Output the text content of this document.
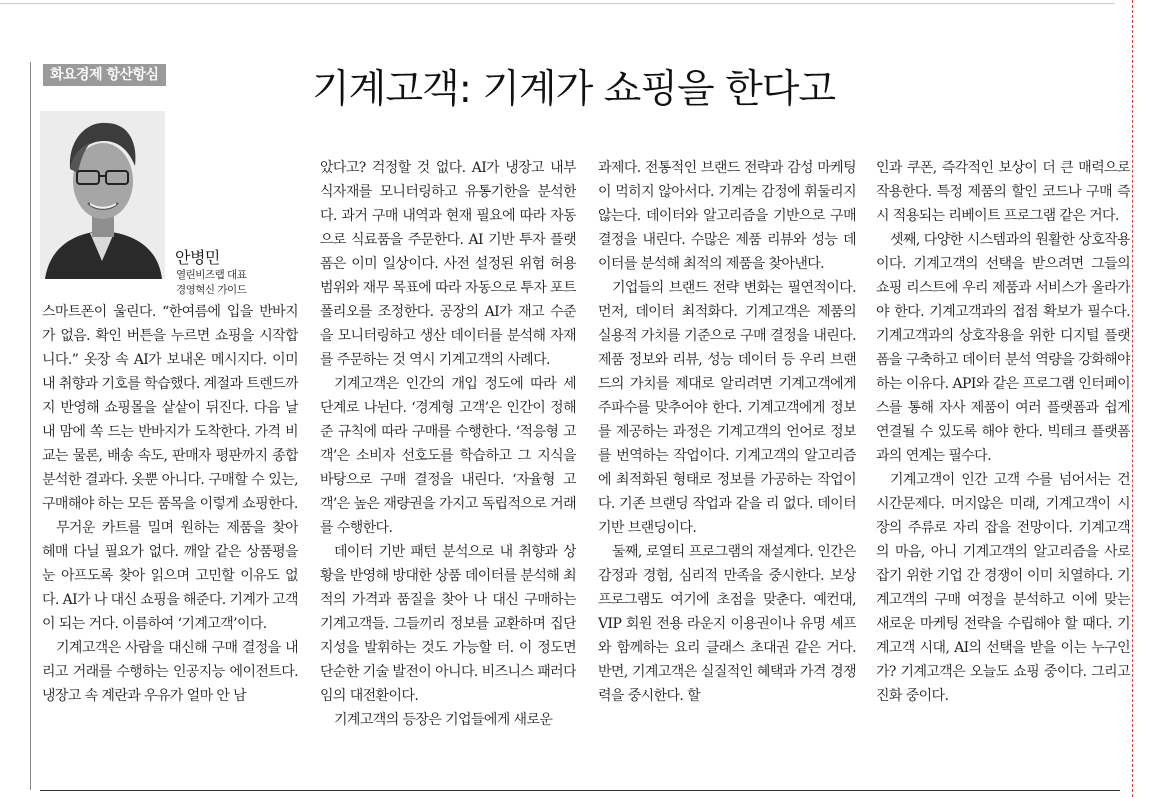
화요경제 항산항심	기계고객: 기계가 쇼핑을 한다고
안병민
열린비즈랩 대표
경영혁신 가이드

스마트폰이 울린다. “한여름에 입을 반바지가 없음. 확인 버튼을 누르면 쇼핑을 시작합니다.” 옷장 속 AI가 보내온 메시지다. 이미 내 취향과 기호를 학습했다. 계절과 트렌드까지 반영해 쇼핑몰을 샅샅이 뒤진다. 다음 날 내 맘에 쏙 드는 반바지가 도착한다. 가격 비교는 물론, 배송 속도, 판매자 평판까지 종합 분석한 결과다. 옷뿐 아니다. 구매할 수 있는, 구매해야 하는 모든 품목을 이렇게 쇼핑한다.

무거운 카트를 밀며 원하는 제품을 찾아 헤매 다닐 필요가 없다. 깨알 같은 상품평을 눈 아프도록 찾아 읽으며 고민할 이유도 없다. AI가 나 대신 쇼핑을 해준다. 기계가 고객이 되는 거다. 이름하여 ‘기계고객’이다.

기계고객은 사람을 대신해 구매 결정을 내리고 거래를 수행하는 인공지능 에이전트다. 냉장고 속 계란과 우유가 얼마 안 남

았다고? 걱정할 것 없다. AI가 냉장고 내부 식자재를 모니터링하고 유통기한을 분석한다. 과거 구매 내역과 현재 필요에 따라 자동으로 식료품을 주문한다. AI 기반 투자 플랫폼은 이미 일상이다. 사전 설정된 위험 허용 범위와 재무 목표에 따라 자동으로 투자 포트폴리오를 조정한다. 공장의 AI가 재고 수준을 모니터링하고 생산 데이터를 분석해 자재를 주문하는 것 역시 기계고객의 사례다.

기계고객은 인간의 개입 정도에 따라 세 단계로 나뉜다. ‘경계형 고객’은 인간이 정해준 규칙에 따라 구매를 수행한다. ‘적응형 고객’은 소비자 선호도를 학습하고 그 지식을 바탕으로 구매 결정을 내린다. ‘자율형 고객’은 높은 재량권을 가지고 독립적으로 거래를 수행한다.

데이터 기반 패턴 분석으로 내 취향과 상황을 반영해 방대한 상품 데이터를 분석해 최적의 가격과 품질을 찾아 나 대신 구매하는 기계고객들. 그들끼리 정보를 교환하며 집단지성을 발휘하는 것도 가능할 터. 이 정도면 단순한 기술 발전이 아니다. 비즈니스 패러다임의 대전환이다.

기계고객의 등장은 기업들에게 새로운

과제다. 전통적인 브랜드 전략과 감성 마케팅이 먹히지 않아서다. 기계는 감정에 휘둘리지 않는다. 데이터와 알고리즘을 기반으로 구매 결정을 내린다. 수많은 제품 리뷰와 성능 데이터를 분석해 최적의 제품을 찾아낸다.

기업들의 브랜드 전략 변화는 필연적이다. 먼저, 데이터 최적화다. 기계고객은 제품의 실용적 가치를 기준으로 구매 결정을 내린다. 제품 정보와 리뷰, 성능 데이터 등 우리 브랜드의 가치를 제대로 알리려면 기계고객에게 주파수를 맞추어야 한다. 기계고객에게 정보를 제공하는 과정은 기계고객의 언어로 정보를 번역하는 작업이다. 기계고객의 알고리즘에 최적화된 형태로 정보를 가공하는 작업이다. 기존 브랜딩 작업과 같을 리 없다. 데이터 기반 브랜딩이다.

둘째, 로열티 프로그램의 재설계다. 인간은 감정과 경험, 심리적 만족을 중시한다. 보상 프로그램도 여기에 초점을 맞춘다. 예컨대, VIP 회원 전용 라운지 이용권이나 유명 셰프와 함께하는 요리 클래스 초대권 같은 거다. 반면, 기계고객은 실질적인 혜택과 가격 경쟁력을 중시한다. 할

인과 쿠폰, 즉각적인 보상이 더 큰 매력으로 작용한다. 특정 제품의 할인 코드나 구매 즉시 적용되는 리베이트 프로그램 같은 거다.

셋째, 다양한 시스템과의 원활한 상호작용이다. 기계고객의 선택을 받으려면 그들의 쇼핑 리스트에 우리 제품과 서비스가 올라가야 한다. 기계고객과의 접점 확보가 필수다. 기계고객과의 상호작용을 위한 디지털 플랫폼을 구축하고 데이터 분석 역량을 강화해야 하는 이유다. API와 같은 프로그램 인터페이스를 통해 자사 제품이 여러 플랫폼과 쉽게 연결될 수 있도록 해야 한다. 빅테크 플랫폼과의 연계는 필수다.

기계고객이 인간 고객 수를 넘어서는 건 시간문제다. 머지않은 미래, 기계고객이 시장의 주류로 자리 잡을 전망이다. 기계고객의 마음, 아니 기계고객의 알고리즘을 사로잡기 위한 기업 간 경쟁이 이미 치열하다. 기계고객의 구매 여정을 분석하고 이에 맞는 새로운 마케팅 전략을 수립해야 할 때다. 기계고객 시대, AI의 선택을 받을 이는 누구인가? 기계고객은 오늘도 쇼핑 중이다. 그리고 진화 중이다.
